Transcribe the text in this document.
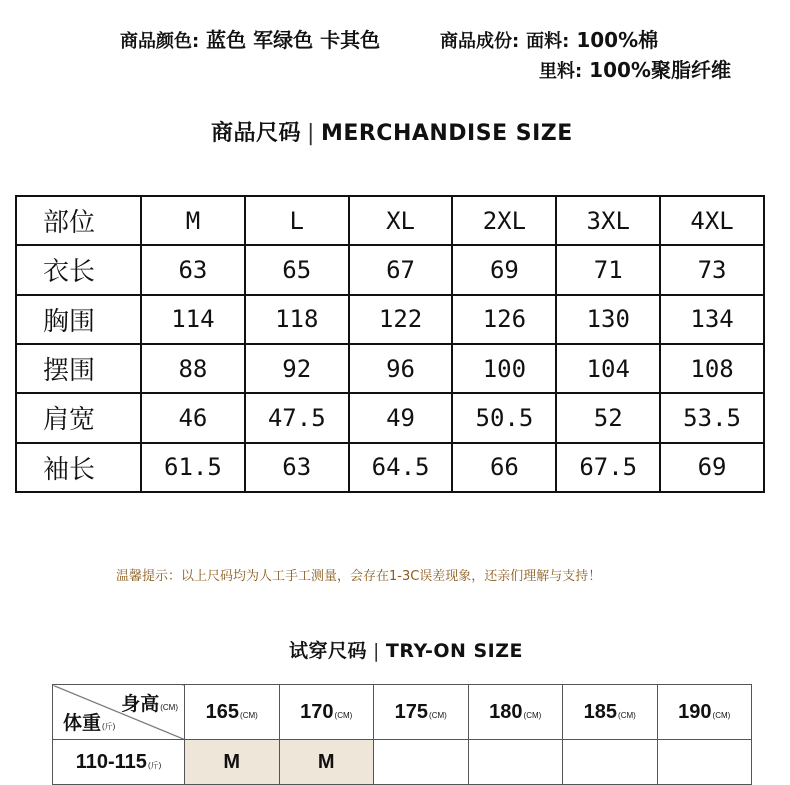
商品颜色: 蓝色 军绿色 卡其色	商品成份: 面料: 100%棉
里料: 100%聚脂纤维
商品尺码 | MERCHANDISE SIZE
部位	M	L	XL	2XL	3XL	4XL
衣长	63	65	67	69	71	73
胸围	114	118	122	126	130	134
摆围	88	92	96	100	104	108
肩宽	46	47.5	49	50.5	52	53.5
袖长	61.5	63	64.5	66	67.5	69
温馨提示：以上尺码均为人工手工测量，会存在1-3C误差现象，还亲们理解与支持！
试穿尺码 | TRY-ON SIZE
身高(CM)
体重(斤)	165(CM)	170(CM)	175(CM)	180(CM)	185(CM)	190(CM)
110-115(斤)	M	M				
